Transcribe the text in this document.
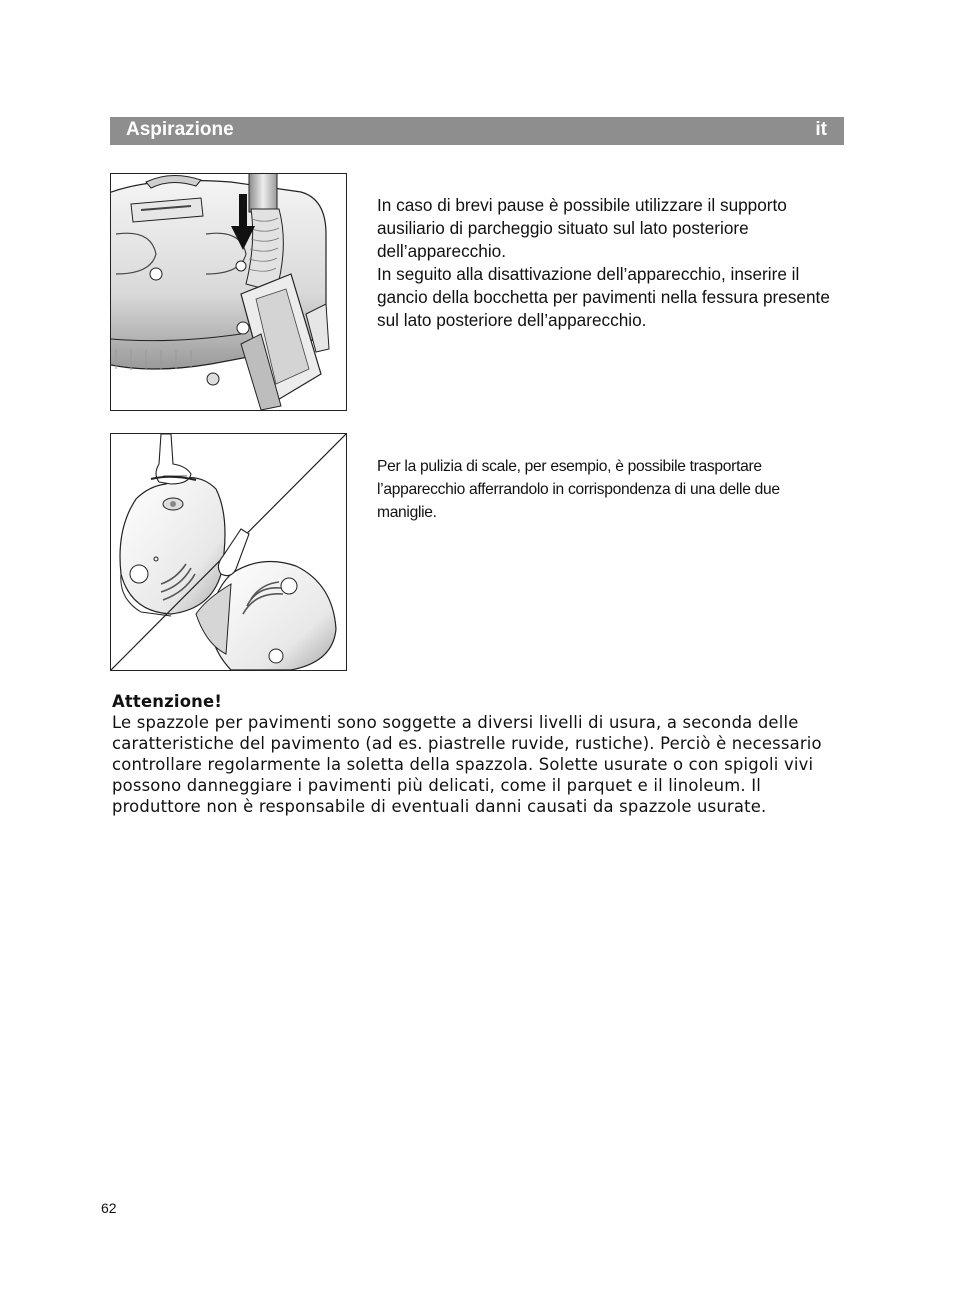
Aspirazione	it
In caso di brevi pause è possibile utilizzare il supporto ausiliario di parcheggio situato sul lato posteriore dell’apparecchio.
In seguito alla disattivazione dell’apparecchio, inserire il gancio della bocchetta per pavimenti nella fessura presente sul lato posteriore dell’apparecchio.
Per la pulizia di scale, per esempio, è possibile trasportare l’apparecchio afferrandolo in corrispondenza di una delle due maniglie.
Attenzione!
Le spazzole per pavimenti sono soggette a diversi livelli di usura, a seconda delle caratteristiche del pavimento (ad es. piastrelle ruvide, rustiche). Perciò è necessario controllare regolarmente la soletta della spazzola. Solette usurate o con spigoli vivi possono danneggiare i pavimenti più delicati, come il parquet e il linoleum. Il produttore non è responsabile di eventuali danni causati da spazzole usurate.
62
